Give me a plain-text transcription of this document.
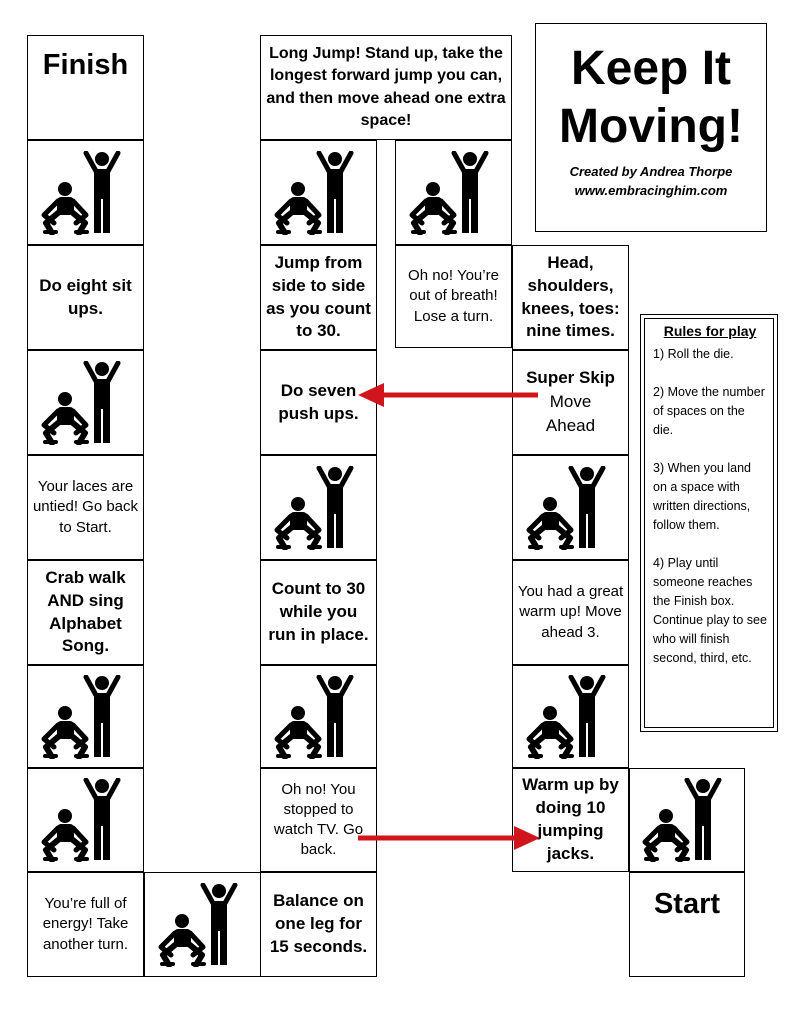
Keep It Moving!
Created by Andrea Thorpe
www.embracinghim.com
Finish
Do eight sit ups.
Your laces are untied! Go back to Start.
Crab walk AND sing Alphabet Song.
You’re full of energy! Take another turn.
Long Jump! Stand up, take the longest forward jump you can, and then move ahead one extra space!
Jump from side to side as you count to 30.
Do seven push ups.
Count to 30 while you run in place.
Oh no! You stopped to watch TV. Go back.
Balance on one leg for 15 seconds.
Oh no! You’re out of breath! Lose a turn.
Head, shoulders, knees, toes: nine times.
Super Skip
Move Ahead
You had a great warm up! Move ahead 3.
Warm up by doing 10 jumping jacks.
Start
Rules for play
1) Roll the die.
2) Move the number of spaces on the die.
3) When you land on a space with written directions, follow them.
4) Play until someone reaches the Finish box. Continue play to see who will finish second, third, etc.
